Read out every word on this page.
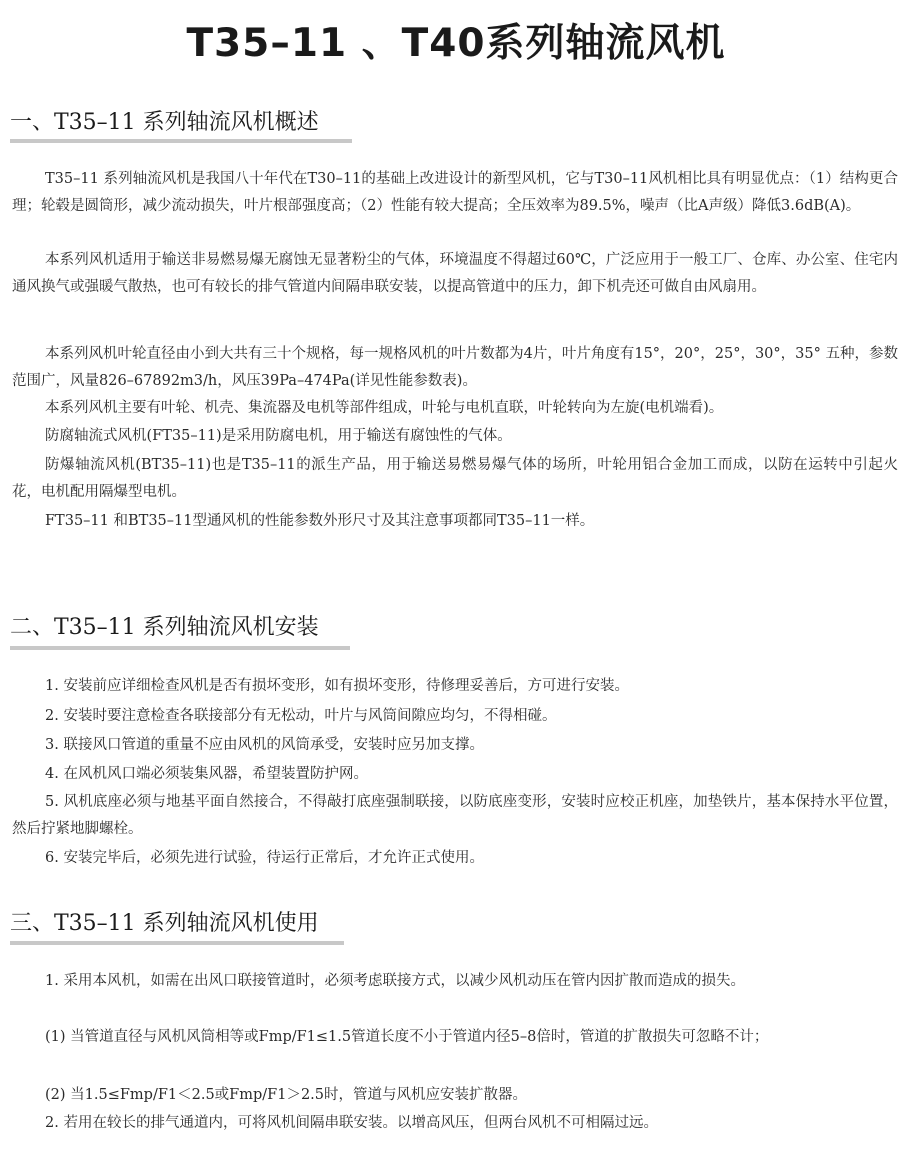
T35–11 、T40系列轴流风机
一、T35–11 系列轴流风机概述

T35–11 系列轴流风机是我国八十年代在T30–11的基础上改进设计的新型风机，它与T30–11风机相比具有明显优点：（1）结构更合理；轮毂是圆筒形，减少流动损失，叶片根部强度高；（2）性能有较大提高；全压效率为89.5%，噪声（比A声级）降低3.6dB(A)。

本系列风机适用于输送非易燃易爆无腐蚀无显著粉尘的气体，环境温度不得超过60℃，广泛应用于一般工厂、仓库、办公室、住宅内通风换气或强暖气散热，也可有较长的排气管道内间隔串联安装，以提高管道中的压力，卸下机壳还可做自由风扇用。

本系列风机叶轮直径由小到大共有三十个规格，每一规格风机的叶片数都为4片，叶片角度有15°，20°，25°，30°，35° 五种，参数范围广，风量826–67892m3/h，风压39Pa–474Pa(详见性能参数表)。

本系列风机主要有叶轮、机壳、集流器及电机等部件组成，叶轮与电机直联，叶轮转向为左旋(电机端看)。

防腐轴流式风机(FT35–11)是采用防腐电机，用于输送有腐蚀性的气体。

防爆轴流风机(BT35–11)也是T35–11的派生产品，用于输送易燃易爆气体的场所，叶轮用铝合金加工而成，以防在运转中引起火花，电机配用隔爆型电机。

FT35–11 和BT35–11型通风机的性能参数外形尺寸及其注意事项都同T35–11一样。

二、T35–11 系列轴流风机安装

1. 安装前应详细检查风机是否有损坏变形，如有损坏变形，待修理妥善后，方可进行安装。

2. 安装时要注意检查各联接部分有无松动，叶片与风筒间隙应均匀，不得相碰。

3. 联接风口管道的重量不应由风机的风筒承受，安装时应另加支撑。

4. 在风机风口端必须装集风器，希望装置防护网。

5. 风机底座必须与地基平面自然接合，不得敲打底座强制联接，以防底座变形，安装时应校正机座，加垫铁片，基本保持水平位置，然后拧紧地脚螺栓。

6. 安装完毕后，必须先进行试验，待运行正常后，才允许正式使用。

三、T35–11 系列轴流风机使用

1. 采用本风机，如需在出风口联接管道时，必须考虑联接方式，以减少风机动压在管内因扩散而造成的损失。

(1) 当管道直径与风机风筒相等或Fmp/F1≤1.5管道长度不小于管道内径5–8倍时，管道的扩散损失可忽略不计；

(2) 当1.5≤Fmp/F1＜2.5或Fmp/F1＞2.5时，管道与风机应安装扩散器。

2. 若用在较长的排气通道内，可将风机间隔串联安装。以增高风压，但两台风机不可相隔过远。
